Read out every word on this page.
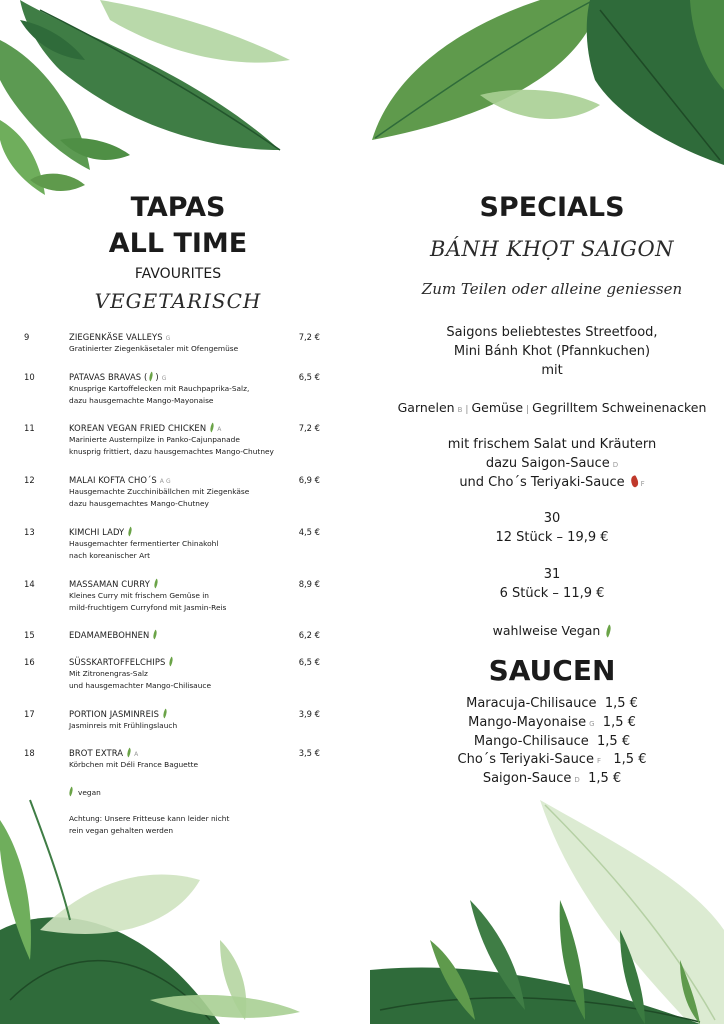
TAPAS
ALL TIME
FAVOURITES
VEGETARISCH
9	ZIEGENKÄSE VALLEYS G	7,2 €
Gratinierter Ziegenkäsetaler mit Ofengemüse
10	PATAVAS BRAVAS ( ) G	6,5 €
Knusprige Kartoffelecken mit Rauchpaprika-Salz,
dazu hausgemachte Mango-Mayonaise
11	KOREAN VEGAN FRIED CHICKEN A	7,2 €
Marinierte Austernpilze in Panko-Cajunpanade
knusprig frittiert, dazu hausgemachtes Mango-Chutney
12	MALAI KOFTA CHO´S A G	6,9 €
Hausgemachte Zucchinibällchen mit Ziegenkäse
dazu hausgemachtes Mango-Chutney
13	KIMCHI LADY	4,5 €
Hausgemachter fermentierter Chinakohl
nach koreanischer Art
14	MASSAMAN CURRY	8,9 €
Kleines Curry mit frischem Gemüse in
mild-fruchtigem Curryfond mit Jasmin-Reis
15	EDAMAMEBOHNEN	6,2 €
16	SÜSSKARTOFFELCHIPS	6,5 €
Mit Zitronengras-Salz
und hausgemachter Mango-Chilisauce
17	PORTION JASMINREIS	3,9 €
Jasminreis mit Frühlingslauch
18	BROT EXTRA A	3,5 €
Körbchen mit Déli France Baguette
vegan
Achtung: Unsere Fritteuse kann leider nicht
rein vegan gehalten werden
SPECIALS
BÁNH KHỌT SAIGON
Zum Teilen oder alleine geniessen
Saigons beliebtestes Streetfood,
Mini Bánh Khot (Pfannkuchen)
mit
Garnelen B | Gemüse | Gegrilltem Schweinenacken
mit frischem Salat und Kräutern
dazu Saigon-Sauce D
und Cho´s Teriyaki-Sauce F
30
12 Stück – 19,9 €
31
6 Stück – 11,9 €
wahlweise Vegan
SAUCEN
Maracuja-Chilisauce 1,5 €
Mango-Mayonaise G 1,5 €
Mango-Chilisauce 1,5 €
Cho´s Teriyaki-Sauce F 1,5 €
Saigon-Sauce D 1,5 €
